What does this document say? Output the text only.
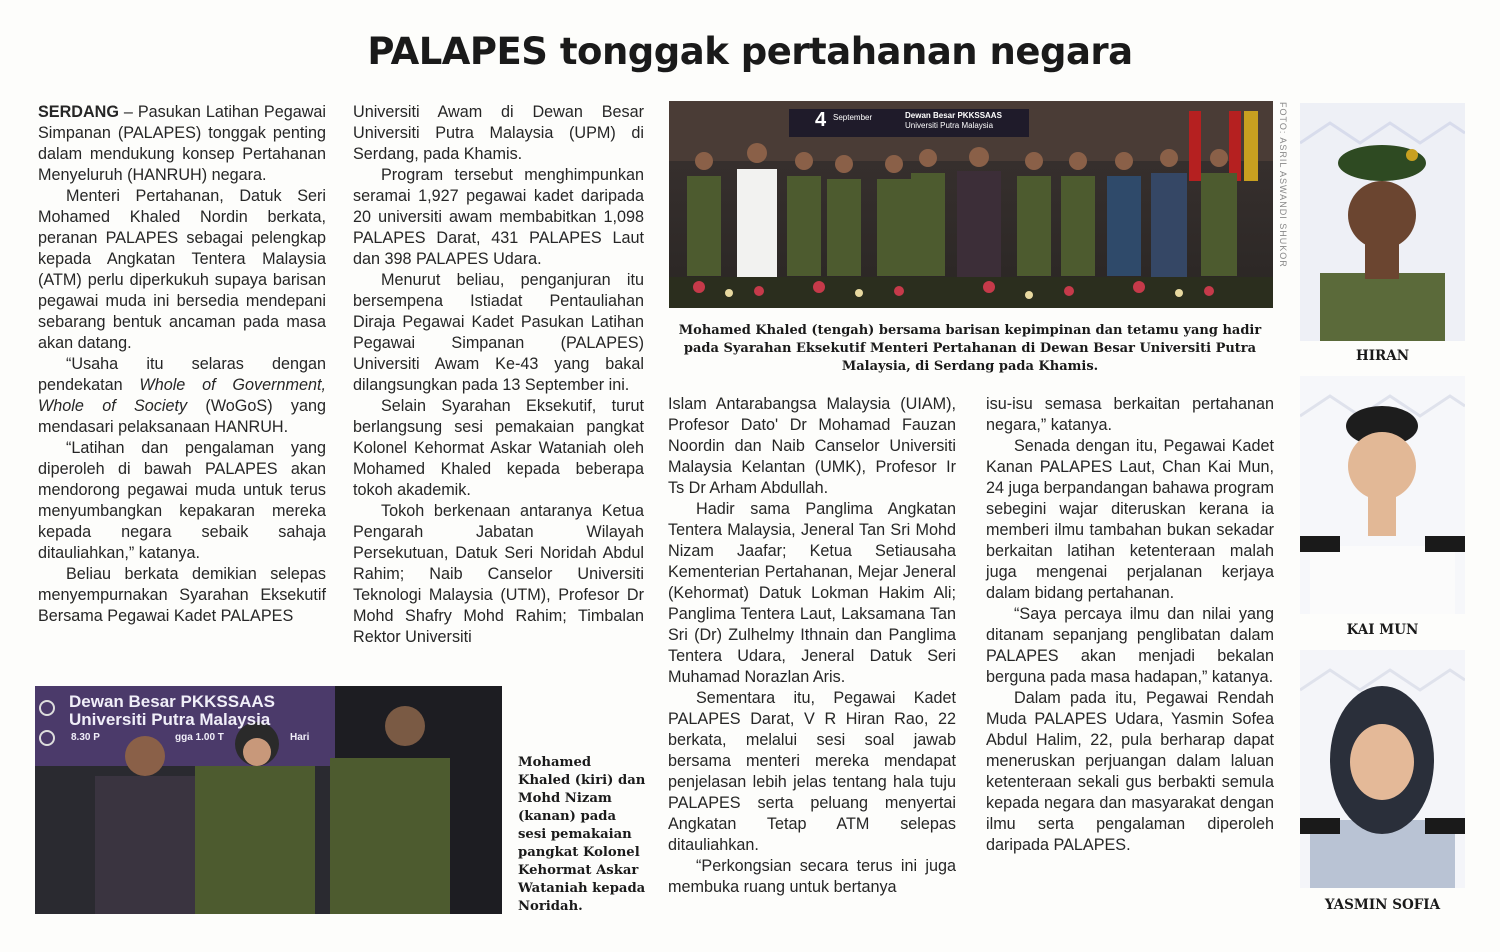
PALAPES tonggak pertahanan negara

SERDANG – Pasukan Latihan Pegawai Simpanan (PALAPES) tonggak penting dalam mendukung konsep Pertahanan Menyeluruh (HANRUH) negara.

Menteri Pertahanan, Datuk Seri Mohamed Khaled Nordin berkata, peranan PALAPES sebagai pelengkap kepada Angkatan Tentera Malaysia (ATM) perlu diperkukuh supaya barisan pegawai muda ini bersedia mendepani sebarang bentuk ancaman pada masa akan datang.

“Usaha itu selaras dengan pendekatan Whole of Government, Whole of Society (WoGoS) yang mendasari pelaksanaan HANRUH.

“Latihan dan pengalaman yang diperoleh di bawah PALAPES akan mendorong pegawai muda untuk terus menyumbangkan kepakaran mereka kepada negara sebaik sahaja ditauliahkan,” katanya.

Beliau berkata demikian selepas menyempurnakan Syarahan Eksekutif Bersama Pegawai Kadet PALAPES

Universiti Awam di Dewan Besar Universiti Putra Malaysia (UPM) di Serdang, pada Khamis.

Program tersebut menghimpunkan seramai 1,927 pegawai kadet daripada 20 universiti awam membabitkan 1,098 PALAPES Darat, 431 PALAPES Laut dan 398 PALAPES Udara.

Menurut beliau, penganjuran itu bersempena Istiadat Pentauliahan Diraja Pegawai Kadet Pasukan Latihan Pegawai Simpanan (PALAPES) Universiti Awam Ke-43 yang bakal dilangsungkan pada 13 September ini.

Selain Syarahan Eksekutif, turut berlangsung sesi pemakaian pangkat Kolonel Kehormat Askar Wataniah oleh Mohamed Khaled kepada beberapa tokoh akademik.

Tokoh berkenaan antaranya Ketua Pengarah Jabatan Wilayah Persekutuan, Datuk Seri Noridah Abdul Rahim; Naib Canselor Universiti Teknologi Malaysia (UTM), Profesor Dr Mohd Shafry Mohd Rahim; Timbalan Rektor Universiti

Islam Antarabangsa Malaysia (UIAM), Profesor Dato' Dr Mohamad Fauzan Noordin dan Naib Canselor Universiti Malaysia Kelantan (UMK), Profesor Ir Ts Dr Arham Abdullah.

Hadir sama Panglima Angkatan Tentera Malaysia, Jeneral Tan Sri Mohd Nizam Jaafar; Ketua Setiausaha Kementerian Pertahanan, Mejar Jeneral (Kehormat) Datuk Lokman Hakim Ali; Panglima Tentera Laut, Laksamana Tan Sri (Dr) Zulhelmy Ithnain dan Panglima Tentera Udara, Jeneral Datuk Seri Muhamad Norazlan Aris.

Sementara itu, Pegawai Kadet PALAPES Darat, V R Hiran Rao, 22 berkata, melalui sesi soal jawab bersama menteri mereka mendapat penjelasan lebih jelas tentang hala tuju PALAPES serta peluang menyertai Angkatan Tetap ATM selepas ditauliahkan.

“Perkongsian secara terus ini juga membuka ruang untuk bertanya

isu-isu semasa berkaitan pertahanan negara,” katanya.

Senada dengan itu, Pegawai Kadet Kanan PALAPES Laut, Chan Kai Mun, 24 juga berpandangan bahawa program sebegini wajar diteruskan kerana ia memberi ilmu tambahan bukan sekadar berkaitan latihan ketenteraan malah juga mengenai perjalanan kerjaya dalam bidang pertahanan.

“Saya percaya ilmu dan nilai yang ditanam sepanjang penglibatan dalam PALAPES akan menjadi bekalan berguna pada masa hadapan,” katanya.

Dalam pada itu, Pegawai Rendah Muda PALAPES Udara, Yasmin Sofea Abdul Halim, 22, pula berharap dapat meneruskan perjuangan dalam laluan ketenteraan sekali gus berbakti semula kepada negara dan masyarakat dengan ilmu serta pengalaman diperoleh daripada PALAPES.

4 September	Dewan Besar PKKSSAAS
Universiti Putra Malaysia	FOTO: ASRIL ASWANDI SHUKOR
Mohamed Khaled (tengah) bersama barisan kepimpinan dan tetamu yang hadir pada Syarahan Eksekutif Menteri Pertahanan di Dewan Besar Universiti Putra Malaysia, di Serdang pada Khamis.
Dewan Besar PKKSSAAS
Universiti Putra Malaysia
8.30 P	gga 1.00 T	Hari
Mohamed Khaled (kiri) dan Mohd Nizam (kanan) pada sesi pemakaian pangkat Kolonel Kehormat Askar Wataniah kepada Noridah.
HIRAN
KAI MUN
YASMIN SOFIA
